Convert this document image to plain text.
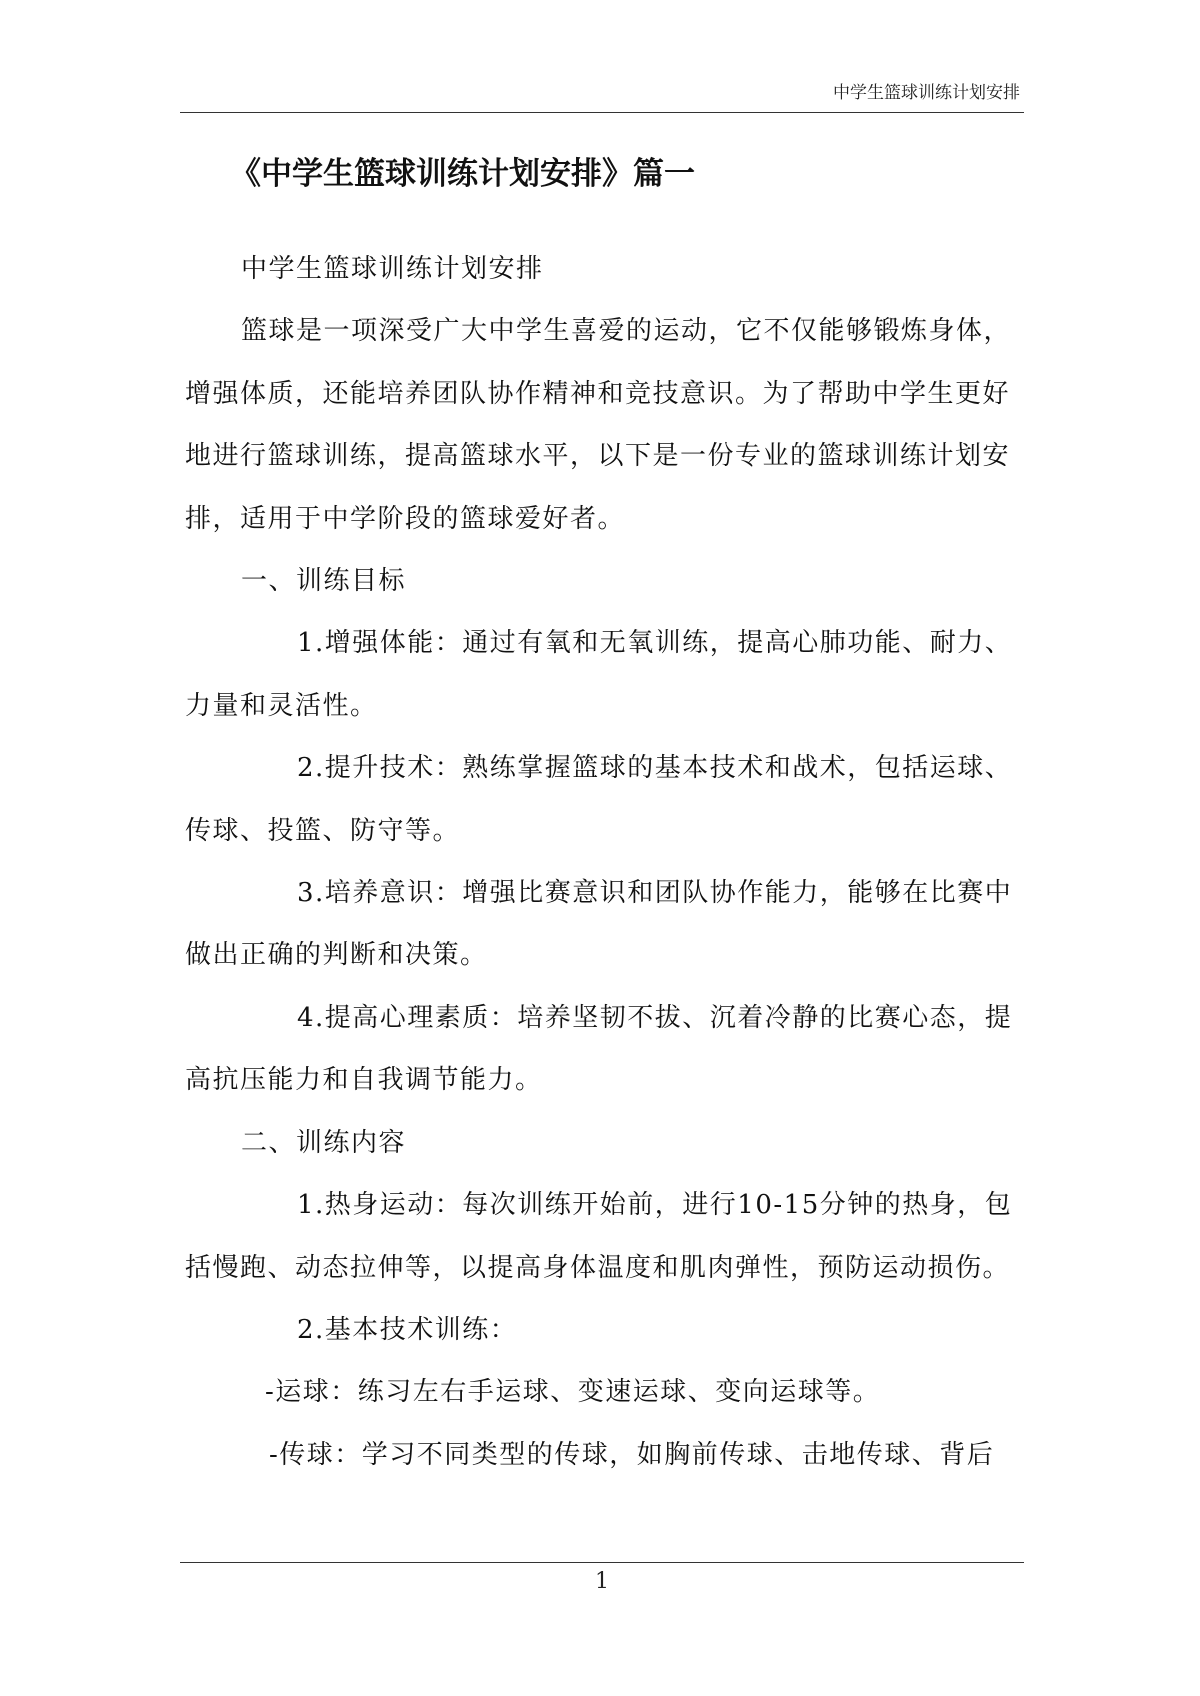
中学生篮球训练计划安排
《中学生篮球训练计划安排》篇一

中学生篮球训练计划安排

篮球是一项深受广大中学生喜爱的运动，它不仅能够锻炼身体，增强体质，还能培养团队协作精神和竞技意识。为了帮助中学生更好地进行篮球训练，提高篮球水平，以下是一份专业的篮球训练计划安排，适用于中学阶段的篮球爱好者。

一、训练目标

1.增强体能：通过有氧和无氧训练，提高心肺功能、耐力、力量和灵活性。

2.提升技术：熟练掌握篮球的基本技术和战术，包括运球、传球、投篮、防守等。

3.培养意识：增强比赛意识和团队协作能力，能够在比赛中做出正确的判断和决策。

4.提高心理素质：培养坚韧不拔、沉着冷静的比赛心态，提高抗压能力和自我调节能力。

二、训练内容

1.热身运动：每次训练开始前，进行10-15分钟的热身，包括慢跑、动态拉伸等，以提高身体温度和肌肉弹性，预防运动损伤。

2.基本技术训练：

-运球：练习左右手运球、变速运球、变向运球等。

-传球：学习不同类型的传球，如胸前传球、击地传球、背后

1
